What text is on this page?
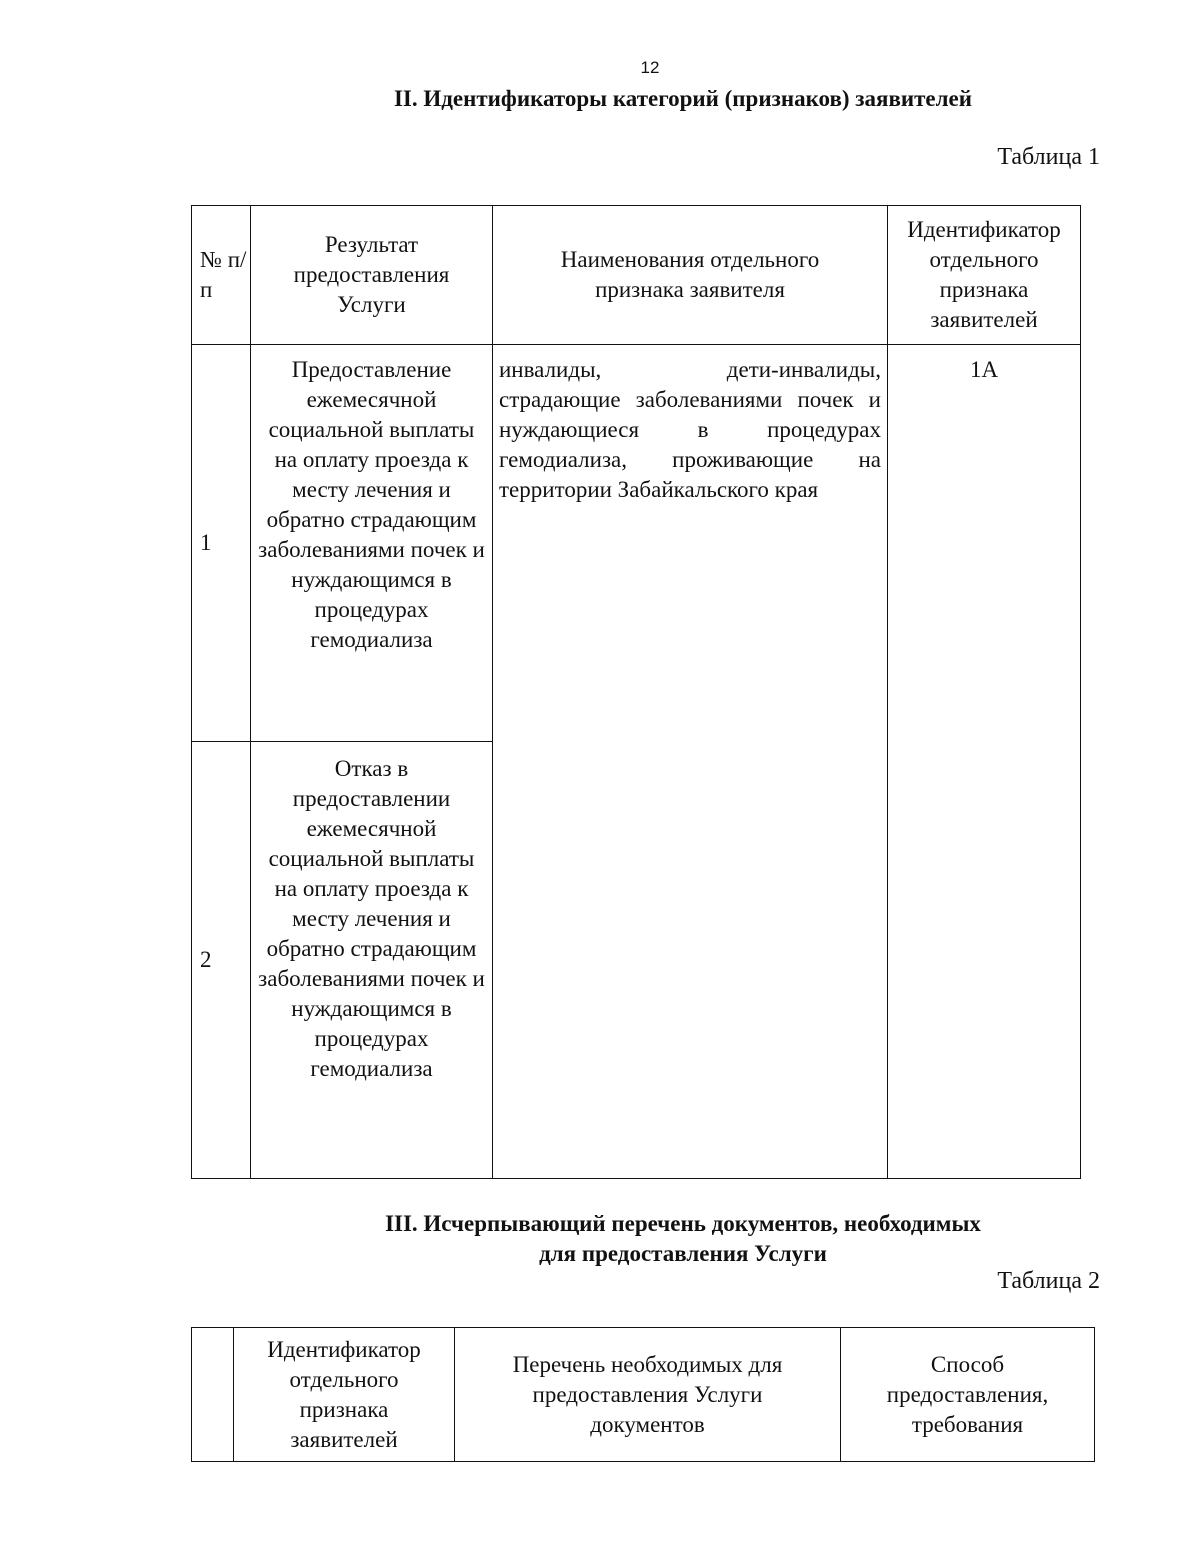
12
II. Идентификаторы категорий (признаков) заявителей
Таблица 1
№ п/п	Результат предоставления Услуги	Наименования отдельного признака заявителя	Идентификатор отдельного признака заявителей
1	Предоставление ежемесячной социальной выплаты на оплату проезда к месту лечения и обратно страдающим заболеваниями почек и нуждающимся в процедурах гемодиализа	инвалиды, дети-инвалиды, страдающие заболеваниями почек и нуждающиеся в процедурах гемодиализа, проживающие на территории Забайкальского края	1А
2	Отказ в предоставлении ежемесячной социальной выплаты на оплату проезда к месту лечения и обратно страдающим заболеваниями почек и нуждающимся в процедурах гемодиализа		
III. Исчерпывающий перечень документов, необходимых
для предоставления Услуги
Таблица 2
	Идентификатор отдельного признака заявителей	Перечень необходимых для предоставления Услуги документов	Способ предоставления, требования
